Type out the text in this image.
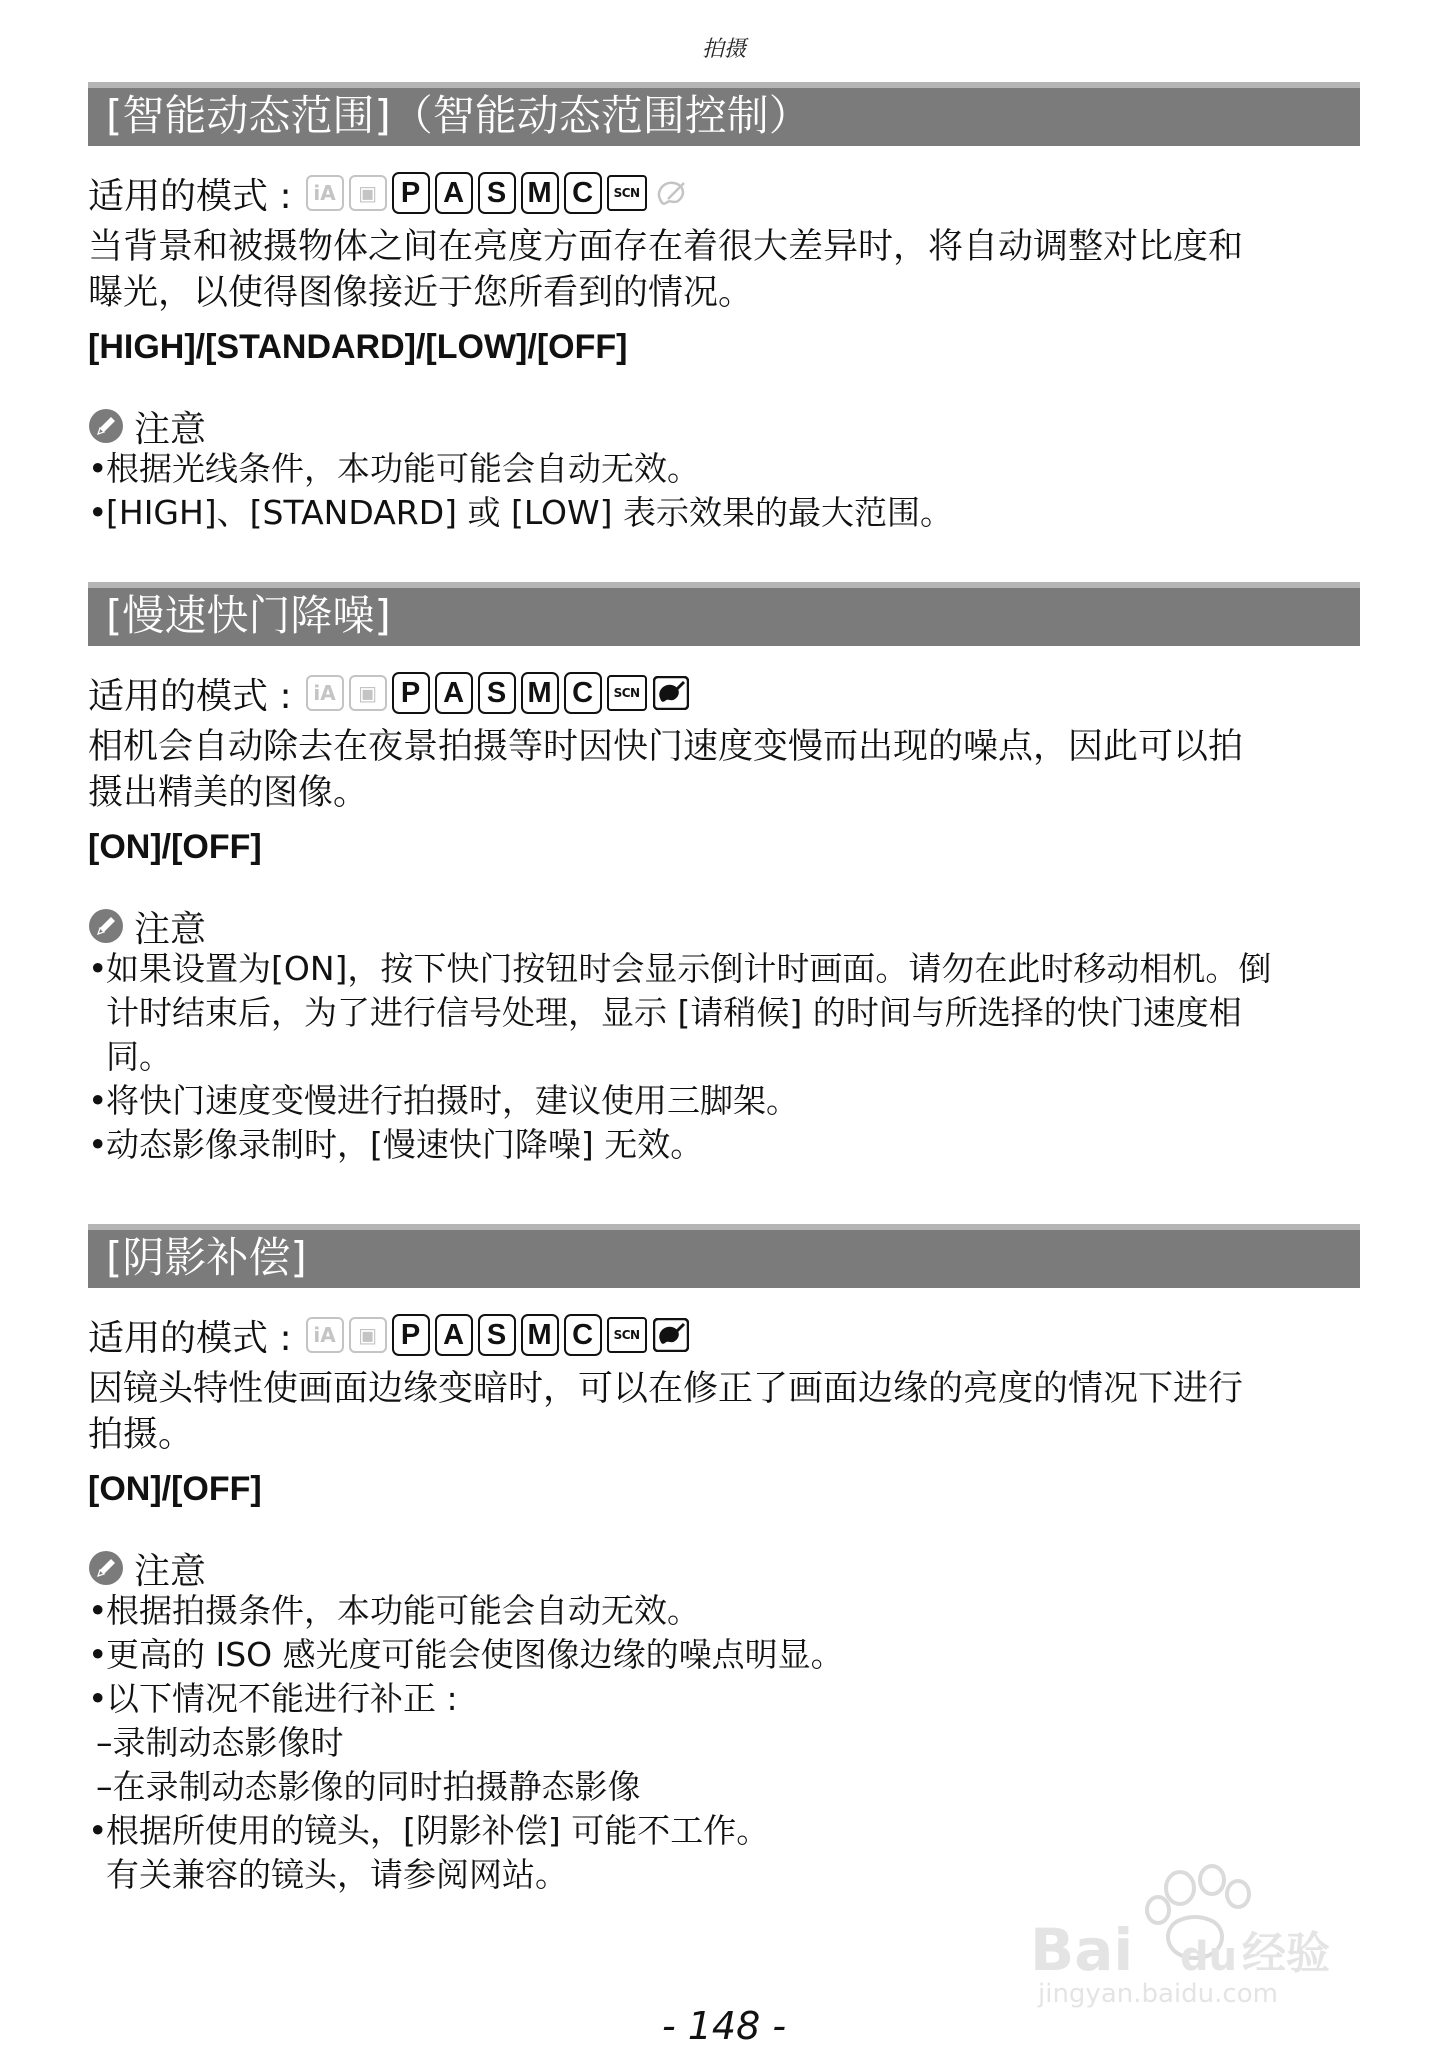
拍摄
[智能动态范围]（智能动态范围控制）
适用的模式 :	iA	▣ P A S M C	SCN
当背景和被摄物体之间在亮度方面存在着很大差异时，将自动调整对比度和
曝光，以使得图像接近于您所看到的情况。
[HIGH]/[STANDARD]/[LOW]/[OFF]
注意
• 根据光线条件，本功能可能会自动无效。
• [HIGH]、[STANDARD] 或 [LOW] 表示效果的最大范围。
[慢速快门降噪]
适用的模式 :	iA	▣ P A S M C	SCN
相机会自动除去在夜景拍摄等时因快门速度变慢而出现的噪点，因此可以拍
摄出精美的图像。
[ON]/[OFF]
注意
• 如果设置为[ON]，按下快门按钮时会显示倒计时画面。请勿在此时移动相机。倒
计时结束后，为了进行信号处理，显示 [请稍候] 的时间与所选择的快门速度相
同。
• 将快门速度变慢进行拍摄时，建议使用三脚架。
• 动态影像录制时，[慢速快门降噪] 无效。
[阴影补偿]
适用的模式 :	iA	▣ P A S M C	SCN
因镜头特性使画面边缘变暗时，可以在修正了画面边缘的亮度的情况下进行
拍摄。
[ON]/[OFF]
注意
• 根据拍摄条件，本功能可能会自动无效。
• 更高的 ISO 感光度可能会使图像边缘的噪点明显。
• 以下情况不能进行补正 :
–录制动态影像时
–在录制动态影像的同时拍摄静态影像
• 根据所使用的镜头，[阴影补偿] 可能不工作。
有关兼容的镜头，请参阅网站。
Bai du 经验
jingyan.baidu.com
- 148 -
